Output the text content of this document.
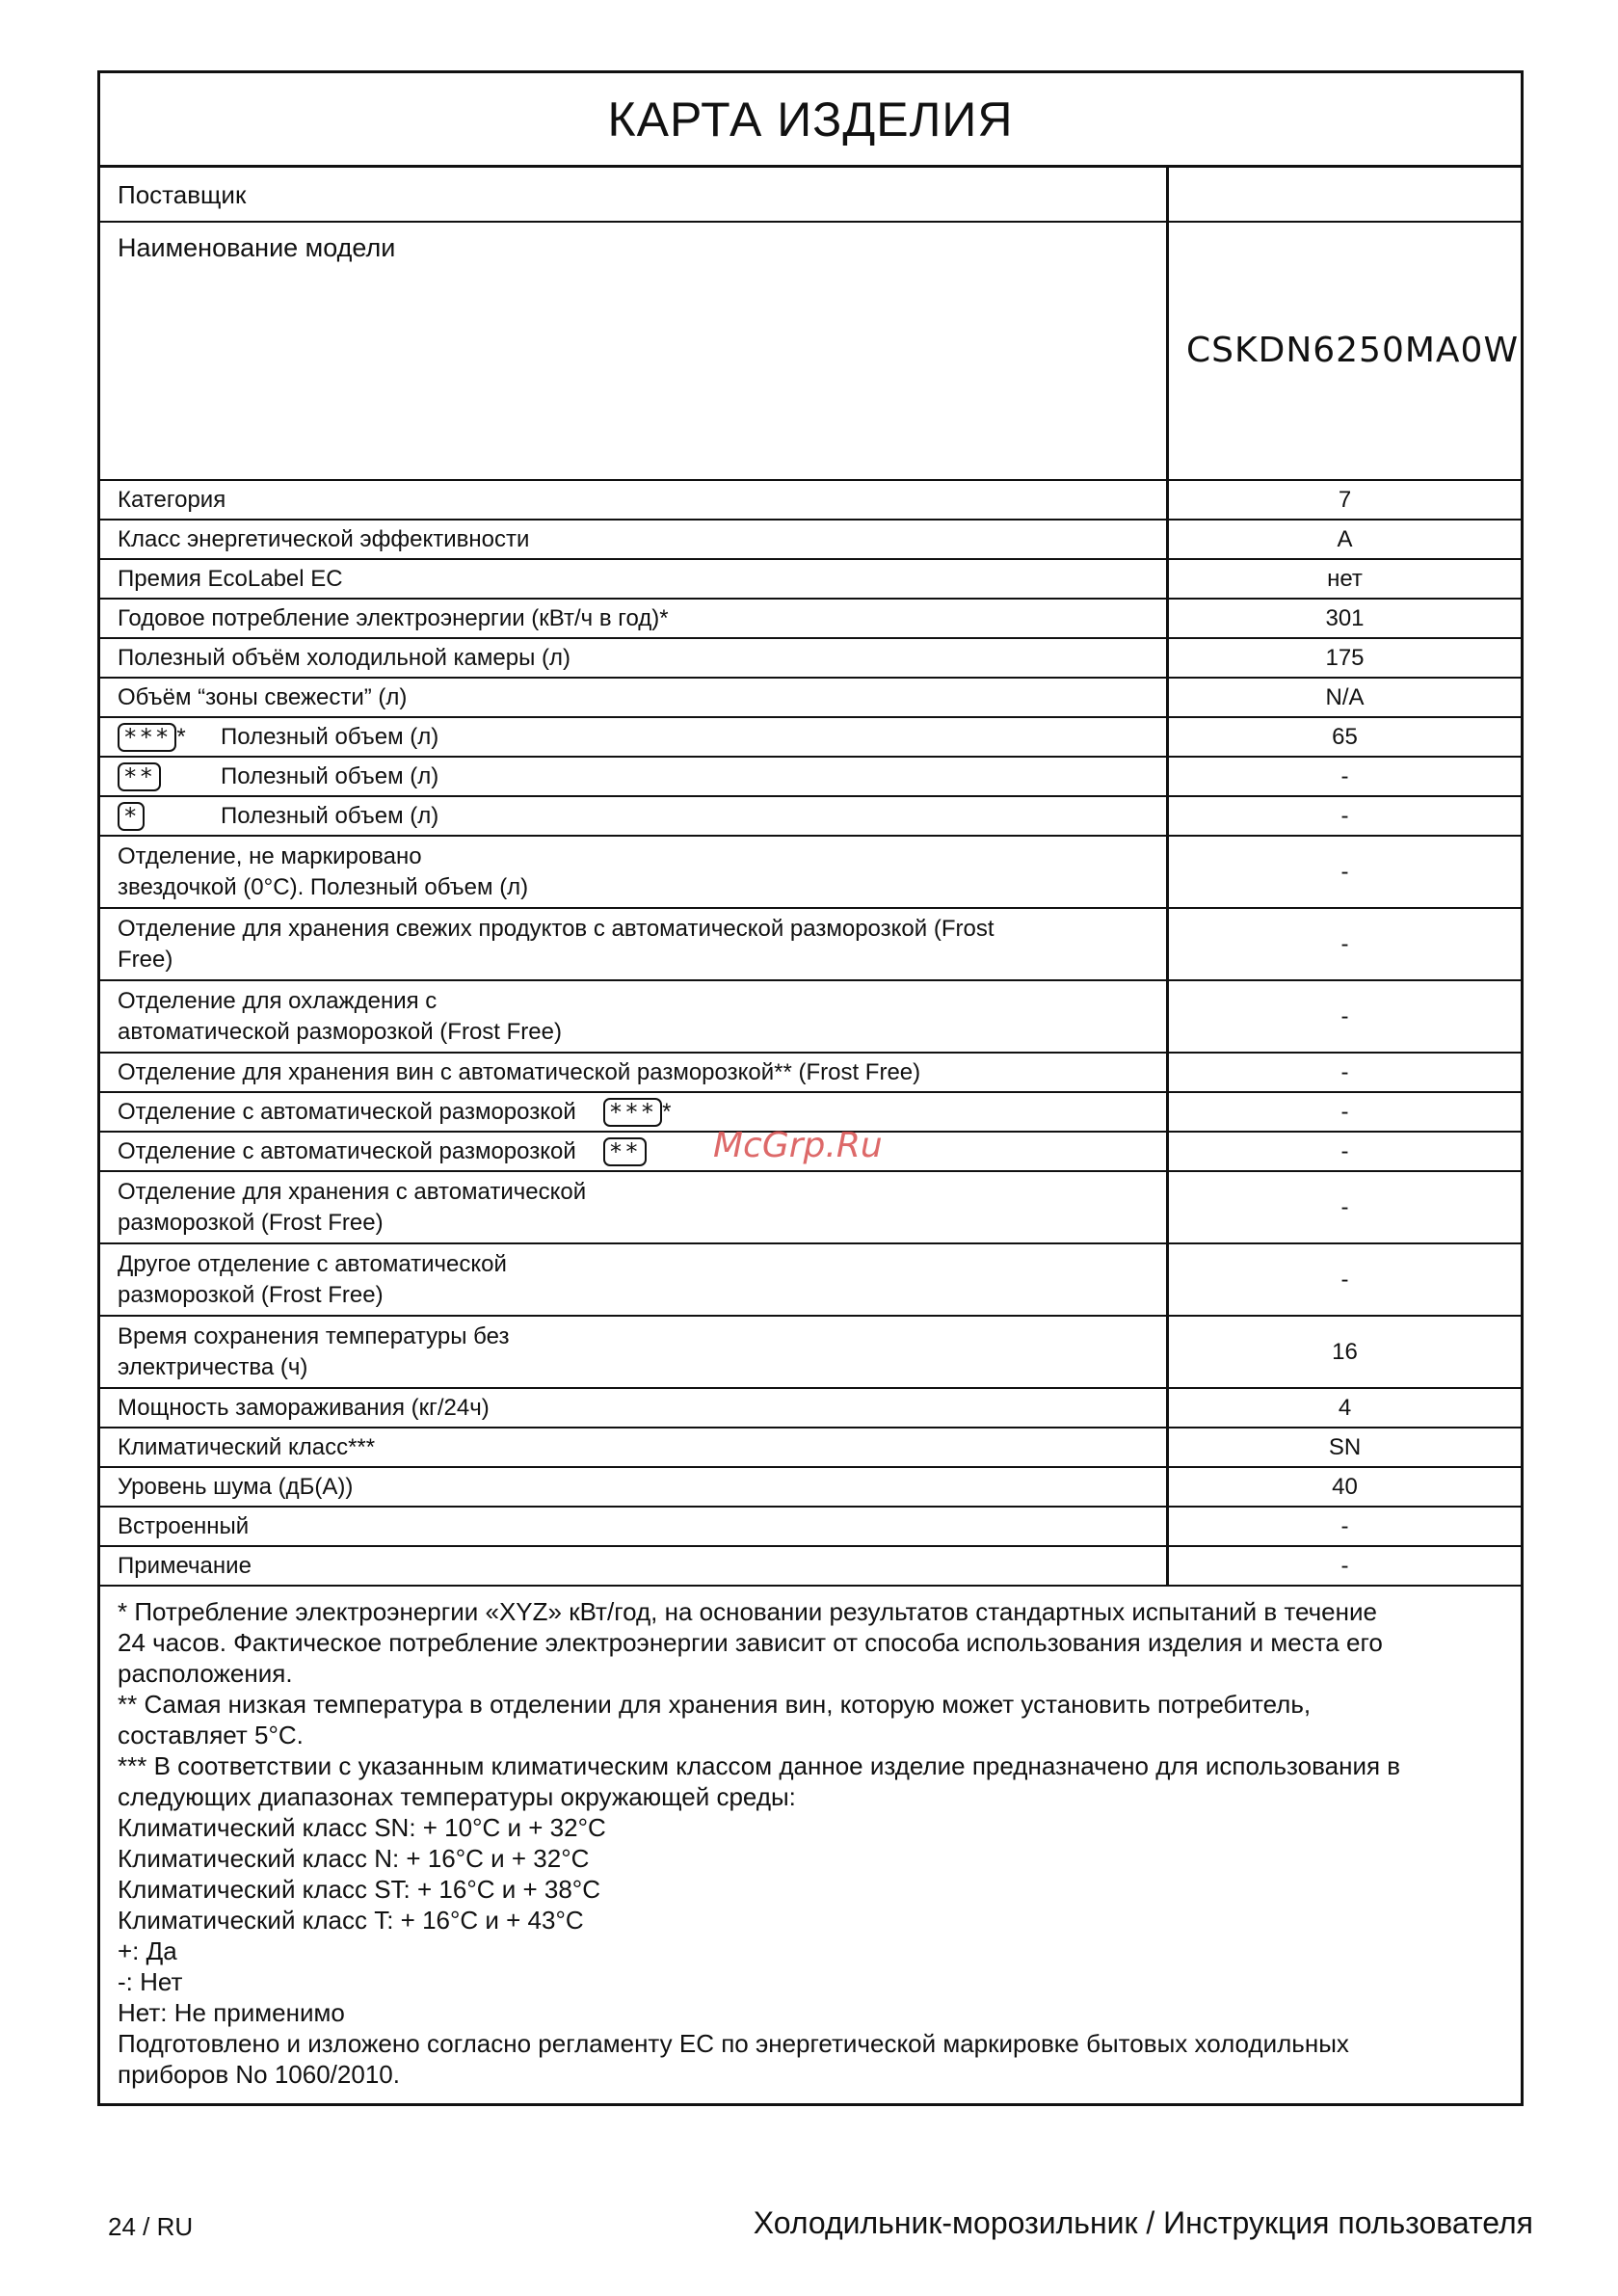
КАРТА ИЗДЕЛИЯ
Поставщик	
Наименование модели	CSKDN6250MA0W
Категория	7
Класс энергетической эффективности	A
Премия EcoLabel EC	нет
Годовое потребление электроэнергии (кВт/ч в год)*	301
Полезный объём холодильной камеры (л)	175
Объём “зоны свежести” (л)	N/A
*** * Полезный объем (л)	65
** Полезный объем (л)	-
* Полезный объем (л)	-

Отделение, не маркировано
звездочкой (0°C). Полезный объем (л)	-

Отделение для хранения свежих продуктов с автоматической разморозкой (Frost
Free)	-

Отделение для охлаждения с
автоматической разморозкой (Frost Free)	-
Отделение для хранения вин с автоматической разморозкой** (Frost Free)	-
Отделение с автоматической разморозкой *** *	-
Отделение с автоматической разморозкой **	-

Отделение для хранения с автоматической
разморозкой (Frost Free)	-

Другое отделение с автоматической
разморозкой (Frost Free)	-

Время сохранения температуры без
электричества (ч)	16
Мощность замораживания (кг/24ч)	4
Климатический класс***	SN
Уровень шума (дБ(А))	40
Встроенный	-
Примечание	-

* Потребление электроэнергии «XYZ» кВт/год, на основании результатов стандартных испытаний в течение

24 часов. Фактическое потребление электроэнергии зависит от способа использования изделия и места его

расположения.

** Самая низкая температура в отделении для хранения вин, которую может установить потребитель,

составляет 5°C.

*** В соответствии с указанным климатическим классом данное изделие предназначено для использования в

следующих диапазонах температуры окружающей среды:

Климатический класс SN: + 10°C и + 32°C

Климатический класс N: + 16°C и + 32°C

Климатический класс ST: + 16°C и + 38°C

Климатический класс T: + 16°C и + 43°C

+: Да

-: Нет

Нет: Не применимо

Подготовлено и изложено согласно регламенту ЕС по энергетической маркировке бытовых холодильных

приборов No 1060/2010.

McGrp.Ru
24 / RU	Холодильник-морозильник / Инструкция пользователя
